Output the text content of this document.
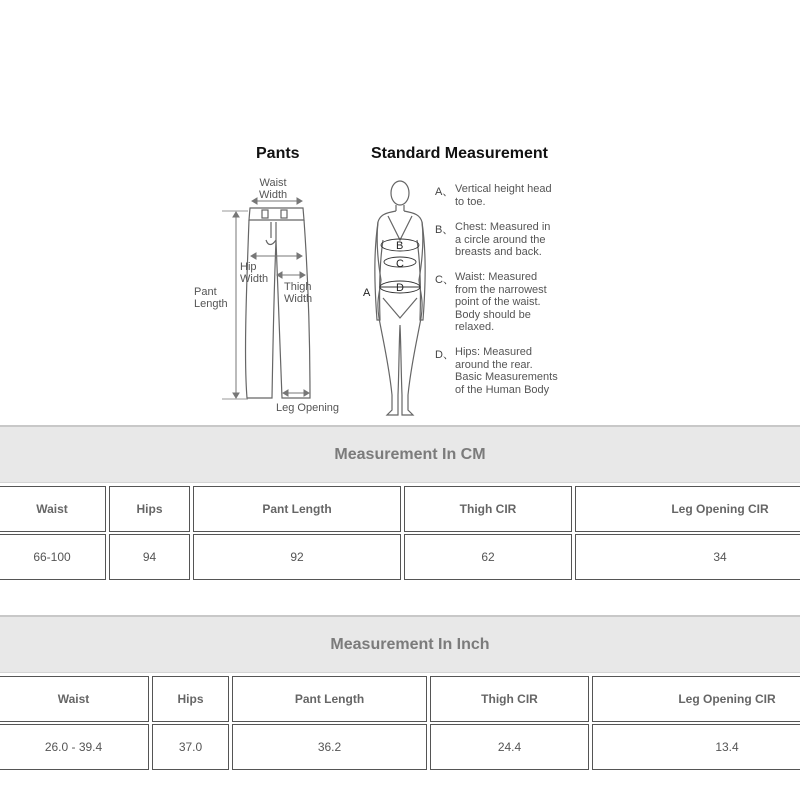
Pants	Standard Measurement
Waist
Width
Hip
Width
Thigh
Width
Pant
Length
Leg Opening
B
C
D
A
A、 Vertical height head
to toe.
B、 Chest: Measured in
a circle around the
breasts and back.
C、 Waist: Measured
from the narrowest
point of the waist.
Body should be
relaxed.
D、 Hips: Measured
around the rear.
Basic Measurements
of the Human Body
Measurement In CM
Waist	Hips	Pant Length	Thigh CIR	Leg Opening CIR
66-100	94	92	62	34
Measurement In Inch
Waist	Hips	Pant Length	Thigh CIR	Leg Opening CIR
26.0 - 39.4	37.0	36.2	24.4	13.4
